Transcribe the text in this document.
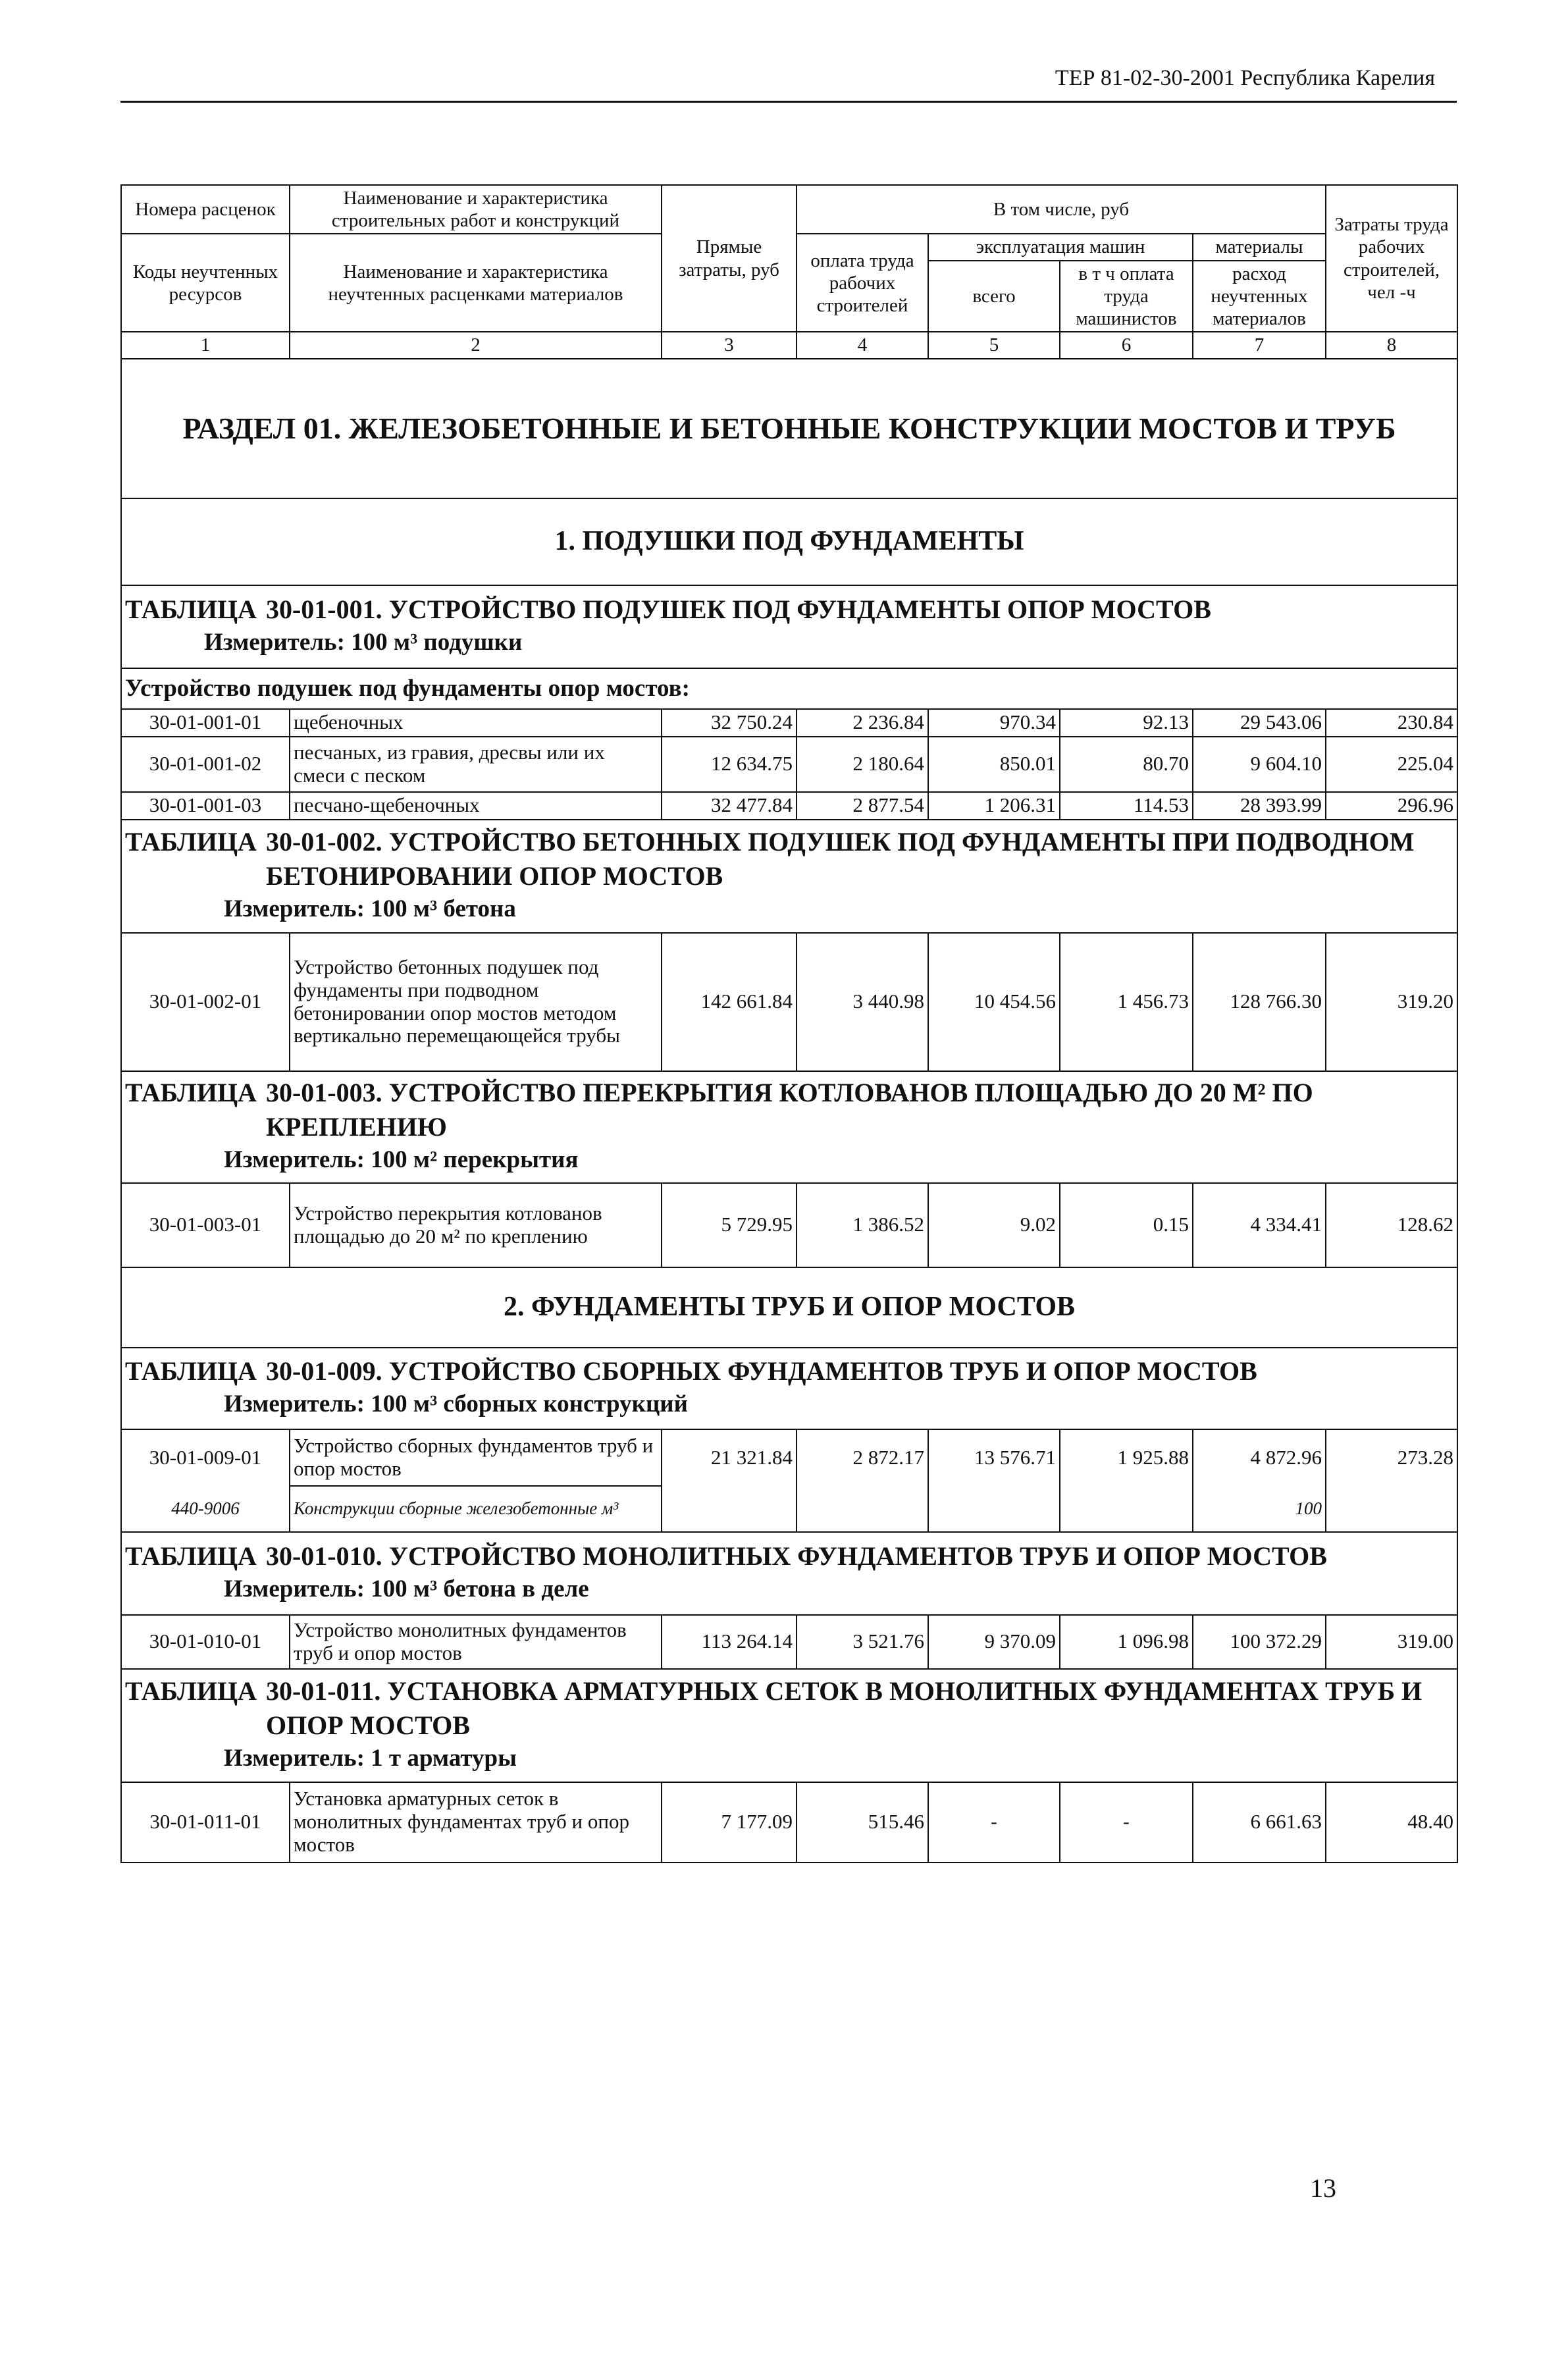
ТЕР 81-02-30-2001 Республика Карелия
Номера расценок	Наименование и характеристика строительных работ и конструкций	Прямые затраты, руб	В том числе, руб				Затраты труда рабочих строителей, чел -ч
Коды неучтенных ресурсов	Наименование и характеристика неучтенных расценками материалов		оплата труда рабочих строителей	эксплуатация машин		материалы	
				всего	в т ч оплата труда машинистов	расход неучтенных материалов	

1	2	3	4	5	6	7	8
РАЗДЕЛ 01. ЖЕЛЕЗОБЕТОННЫЕ И БЕТОННЫЕ КОНСТРУКЦИИ МОСТОВ И ТРУБ							
1. ПОДУШКИ ПОД ФУНДАМЕНТЫ							

ТАБЛИЦА 30-01-001. УСТРОЙСТВО ПОДУШЕК ПОД ФУНДАМЕНТЫ ОПОР МОСТОВ
Измеритель: 100 м³ подушки							

Устройство подушек под фундаменты опор мостов:							
30-01-001-01	щебеночных	32 750.24	2 236.84	970.34	92.13	29 543.06	230.84
30-01-001-02	песчаных, из гравия, дресвы или их смеси с песком	12 634.75	2 180.64	850.01	80.70	9 604.10	225.04
30-01-001-03	песчано-щебеночных	32 477.84	2 877.54	1 206.31	114.53	28 393.99	296.96

ТАБЛИЦА 30-01-002. УСТРОЙСТВО БЕТОННЫХ ПОДУШЕК ПОД ФУНДАМЕНТЫ ПРИ ПОДВОДНОМ БЕТОНИРОВАНИИ ОПОР МОСТОВ
Измеритель: 100 м³ бетона							

30-01-002-01	Устройство бетонных подушек под фундаменты при подводном бетонировании опор мостов методом вертикально перемещающейся трубы	142 661.84	3 440.98	10 454.56	1 456.73	128 766.30	319.20

ТАБЛИЦА 30-01-003. УСТРОЙСТВО ПЕРЕКРЫТИЯ КОТЛОВАНОВ ПЛОЩАДЬЮ ДО 20 М² ПО КРЕПЛЕНИЮ
Измеритель: 100 м² перекрытия							

30-01-003-01	Устройство перекрытия котлованов площадью до 20 м² по креплению	5 729.95	1 386.52	9.02	0.15	4 334.41	128.62
2. ФУНДАМЕНТЫ ТРУБ И ОПОР МОСТОВ							

ТАБЛИЦА 30-01-009. УСТРОЙСТВО СБОРНЫХ ФУНДАМЕНТОВ ТРУБ И ОПОР МОСТОВ
Измеритель: 100 м³ сборных конструкций							

30-01-009-01	Устройство сборных фундаментов труб и опор мостов	21 321.84	2 872.17	13 576.71	1 925.88	4 872.96	273.28
440-9006	Конструкции сборные железобетонные м³					100	

ТАБЛИЦА 30-01-010. УСТРОЙСТВО МОНОЛИТНЫХ ФУНДАМЕНТОВ ТРУБ И ОПОР МОСТОВ
Измеритель: 100 м³ бетона в деле							

30-01-010-01	Устройство монолитных фундаментов труб и опор мостов	113 264.14	3 521.76	9 370.09	1 096.98	100 372.29	319.00

ТАБЛИЦА 30-01-011. УСТАНОВКА АРМАТУРНЫХ СЕТОК В МОНОЛИТНЫХ ФУНДАМЕНТАХ ТРУБ И ОПОР МОСТОВ
Измеритель: 1 т арматуры							

30-01-011-01	Установка арматурных сеток в монолитных фундаментах труб и опор мостов	7 177.09	515.46	-	-	6 661.63	48.40
13
